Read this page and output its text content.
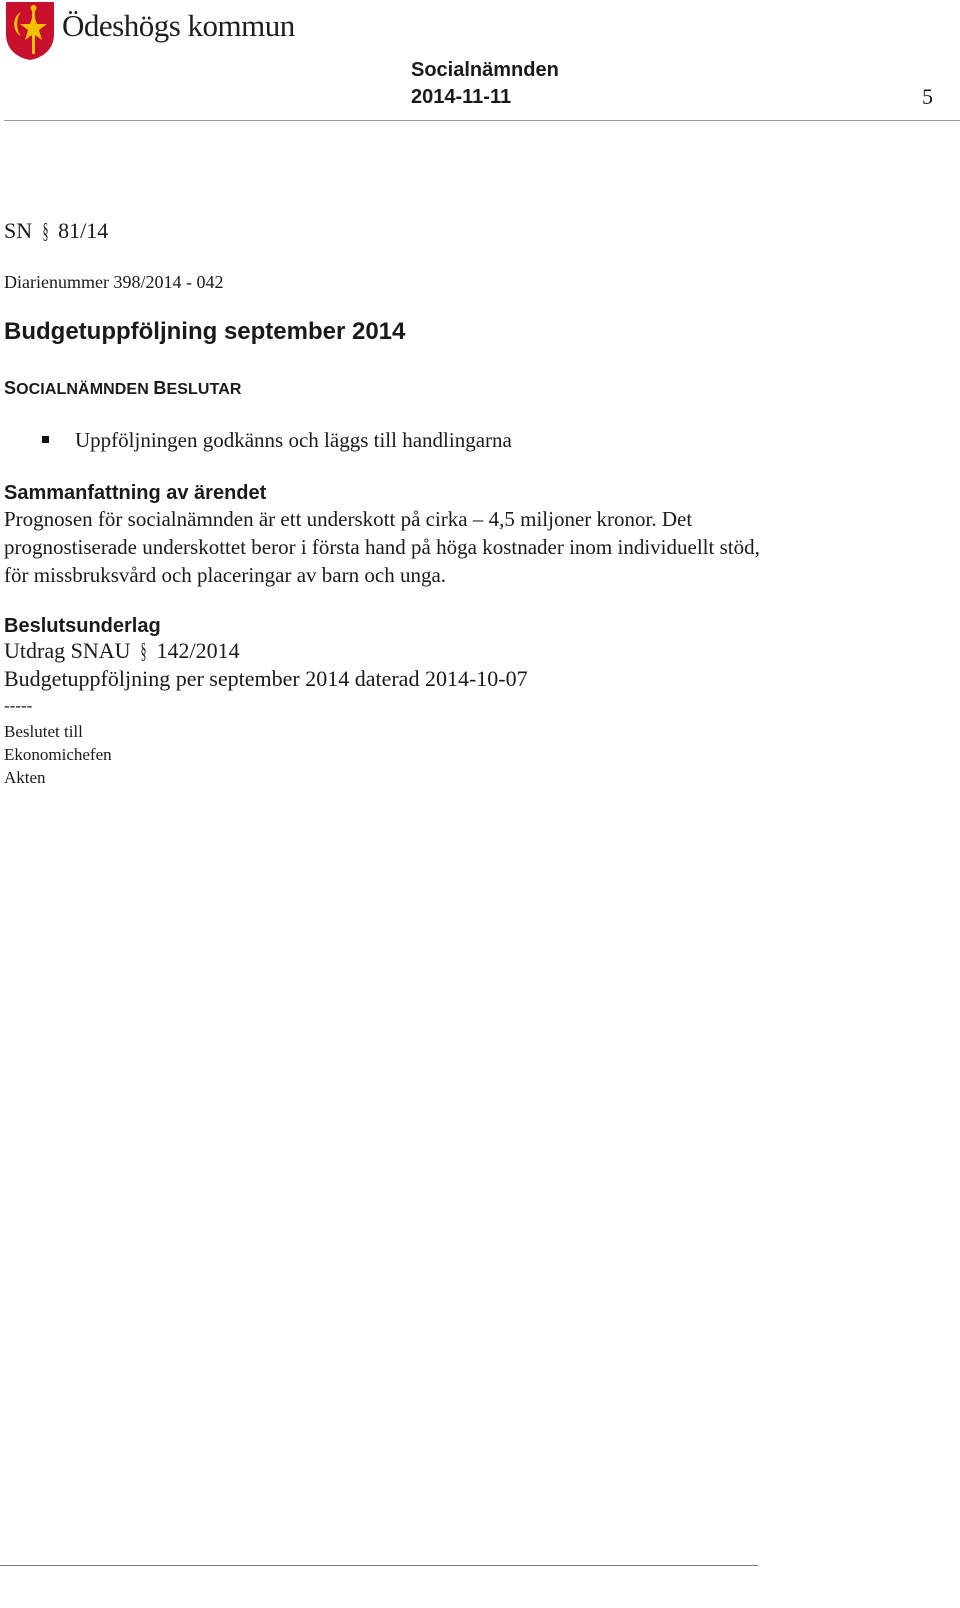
Ödeshögs kommun
Socialnämnden
2014-11-11	5
SN § 81/14
Diarienummer 398/2014 - 042
Budgetuppföljning september 2014
SOCIALNÄMNDEN BESLUTAR
Uppföljningen godkänns och läggs till handlingarna
Sammanfattning av ärendet
Prognosen för socialnämnden är ett underskott på cirka – 4,5 miljoner kronor. Det prognostiserade underskottet beror i första hand på höga kostnader inom individuellt stöd, för missbruksvård och placeringar av barn och unga.
Beslutsunderlag
Utdrag SNAU § 142/2014
Budgetuppföljning per september 2014 daterad 2014-10-07
-----
Beslutet till
Ekonomichefen
Akten
